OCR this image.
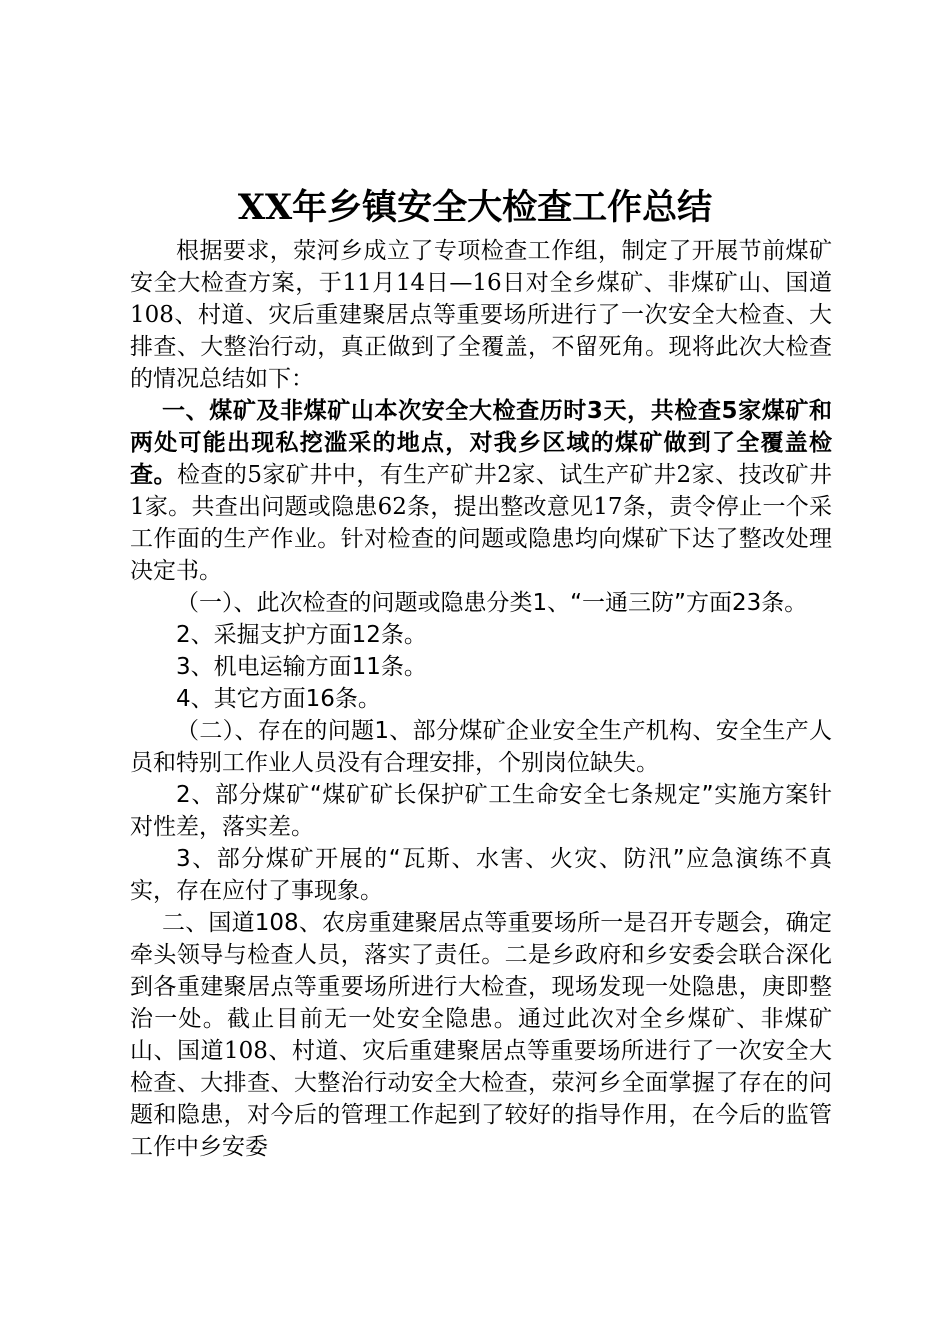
XX年乡镇安全大检查工作总结

根据要求，荥河乡成立了专项检查工作组，制定了开展节前煤矿安全大检查方案，于11月14日—16日对全乡煤矿、非煤矿山、国道108、村道、灾后重建聚居点等重要场所进行了一次安全大检查、大排查、大整治行动，真正做到了全覆盖，不留死角。现将此次大检查的情况总结如下：

一、煤矿及非煤矿山本次安全大检查历时3天，共检查5家煤矿和两处可能出现私挖滥采的地点，对我乡区域的煤矿做到了全覆盖检查。检查的5家矿井中，有生产矿井2家、试生产矿井2家、技改矿井1家。共查出问题或隐患62条，提出整改意见17条，责令停止一个采工作面的生产作业。针对检查的问题或隐患均向煤矿下达了整改处理决定书。

（一）、此次检查的问题或隐患分类1、“一通三防”方面23条。

2、采掘支护方面12条。

3、机电运输方面11条。

4、其它方面16条。

（二）、存在的问题1、部分煤矿企业安全生产机构、安全生产人员和特别工作业人员没有合理安排，个别岗位缺失。

2、部分煤矿“煤矿矿长保护矿工生命安全七条规定”实施方案针对性差，落实差。

3、部分煤矿开展的“瓦斯、水害、火灾、防汛”应急演练不真实，存在应付了事现象。

二、国道108、农房重建聚居点等重要场所一是召开专题会，确定牵头领导与检查人员，落实了责任。二是乡政府和乡安委会联合深化到各重建聚居点等重要场所进行大检查，现场发现一处隐患，庚即整治一处。截止目前无一处安全隐患。通过此次对全乡煤矿、非煤矿山、国道108、村道、灾后重建聚居点等重要场所进行了一次安全大检查、大排查、大整治行动安全大检查，荥河乡全面掌握了存在的问题和隐患，对今后的管理工作起到了较好的指导作用，在今后的监管工作中乡安委
